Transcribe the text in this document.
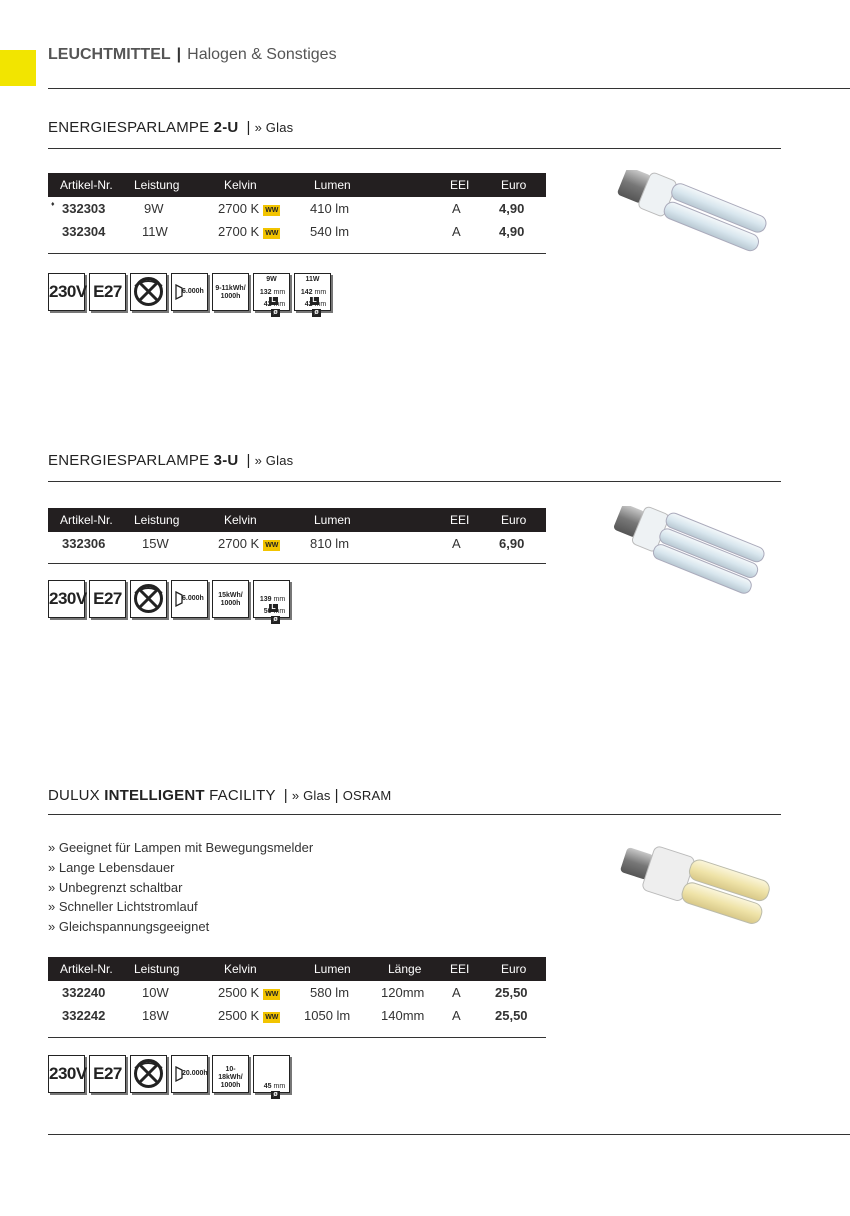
LEUCHTMITTEL | Halogen & Sonstiges
ENERGIESPARLAMPE 2-U | » Glas
Artikel-Nr. Leistung	Kelvin	Lumen	EEI	Euro
♦ 332303	9W	2700 K WW 410 lm	A	4,90
332304	11W	2700 K WW 540 lm	A	4,90
230V E27	6.000h 9-11kWh/ 1000h
9W
132 mmL
42 mmø
11W
142 mmL
42 mmø
ENERGIESPARLAMPE 3-U | » Glas
Artikel-Nr. Leistung	Kelvin	Lumen	EEI	Euro
332306	15W	2700 K WW 810 lm	A	6,90
230V E27	6.000h	15kWh/ 1000h
139 mmL
50 mmø
DULUX INTELLIGENT FACILITY | » Glas | OSRAM
» Geeignet für Lampen mit Bewegungsmelder
» Lange Lebensdauer
» Unbegrenzt schaltbar
» Schneller Lichtstromlauf
» Gleichspannungsgeeignet
Artikel-Nr. Leistung	Kelvin	Lumen	Länge EEI	Euro
332240	10W	2500 K WW 580 lm 120mm A	25,50
332242	18W	2500 K WW 1050 lm 140mm A	25,50
230V E27	20.000h
10-18kWh/ 1000h	45 mmø
